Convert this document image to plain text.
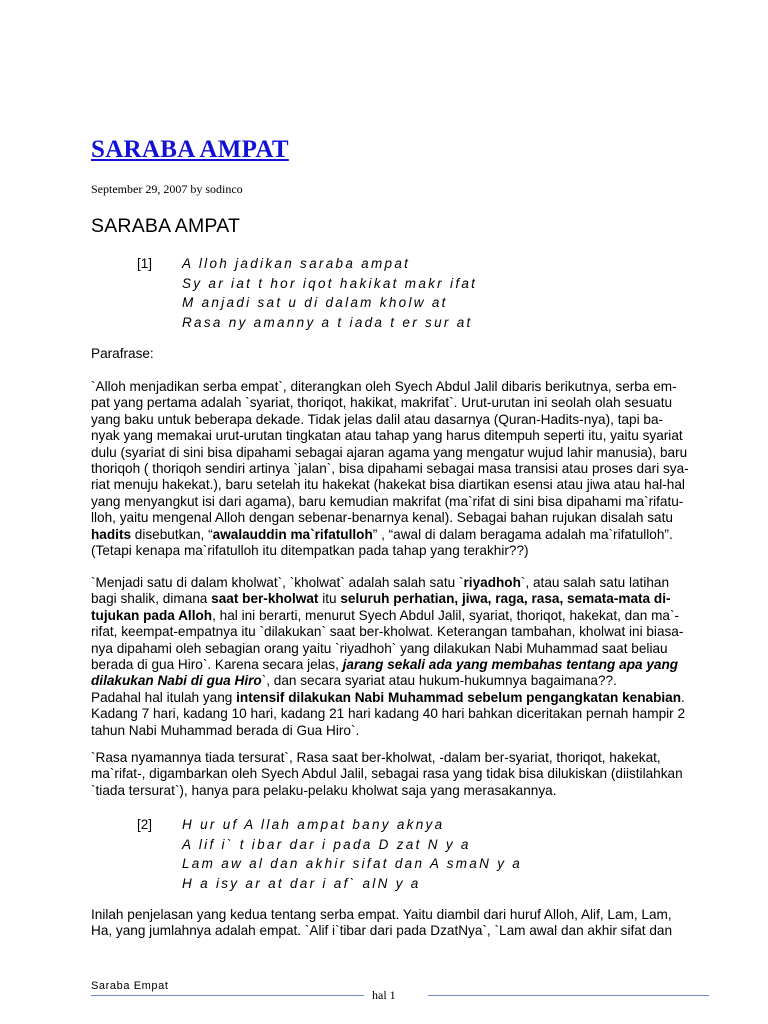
SARABA AMPAT
September 29, 2007 by sodinco
SARABA AMPAT
[1] A lloh jadikan saraba ampat
Sy ar iat t hor iqot hakikat makr ifat
M anjadi sat u di dalam kholw at
Rasa ny amanny a t iada t er sur at
Parafrase:
`Alloh menjadikan serba empat`, diterangkan oleh Syech Abdul Jalil dibaris berikutnya, serba em-
pat yang pertama adalah `syariat, thoriqot, hakikat, makrifat`. Urut-urutan ini seolah olah sesuatu
yang baku untuk beberapa dekade. Tidak jelas dalil atau dasarnya (Quran-Hadits-nya), tapi ba-
nyak yang memakai urut-urutan tingkatan atau tahap yang harus ditempuh seperti itu, yaitu syariat
dulu (syariat di sini bisa dipahami sebagai ajaran agama yang mengatur wujud lahir manusia), baru
thoriqoh ( thoriqoh sendiri artinya `jalan`, bisa dipahami sebagai masa transisi atau proses dari sya-
riat menuju hakekat.), baru setelah itu hakekat (hakekat bisa diartikan esensi atau jiwa atau hal-hal
yang menyangkut isi dari agama), baru kemudian makrifat (ma`rifat di sini bisa dipahami ma`rifatu-
lloh, yaitu mengenal Alloh dengan sebenar-benarnya kenal). Sebagai bahan rujukan disalah satu
hadits disebutkan, “awalauddin ma`rifatulloh” , “awal di dalam beragama adalah ma`rifatulloh”.
(Tetapi kenapa ma`rifatulloh itu ditempatkan pada tahap yang terakhir??)
`Menjadi satu di dalam kholwat`, `kholwat` adalah salah satu `riyadhoh`, atau salah satu latihan
bagi shalik, dimana saat ber-kholwat itu seluruh perhatian, jiwa, raga, rasa, semata-mata di-
tujukan pada Alloh, hal ini berarti, menurut Syech Abdul Jalil, syariat, thoriqot, hakekat, dan ma`-
rifat, keempat-empatnya itu `dilakukan` saat ber-kholwat. Keterangan tambahan, kholwat ini biasa-
nya dipahami oleh sebagian orang yaitu `riyadhoh` yang dilakukan Nabi Muhammad saat beliau
berada di gua Hiro`. Karena secara jelas, jarang sekali ada yang membahas tentang apa yang
dilakukan Nabi di gua Hiro`, dan secara syariat atau hukum-hukumnya bagaimana??.
Padahal hal itulah yang intensif dilakukan Nabi Muhammad sebelum pengangkatan kenabian.
Kadang 7 hari, kadang 10 hari, kadang 21 hari kadang 40 hari bahkan diceritakan pernah hampir 2
tahun Nabi Muhammad berada di Gua Hiro`.
`Rasa nyamannya tiada tersurat`, Rasa saat ber-kholwat, -dalam ber-syariat, thoriqot, hakekat,
ma`rifat-, digambarkan oleh Syech Abdul Jalil, sebagai rasa yang tidak bisa dilukiskan (diistilahkan
`tiada tersurat`), hanya para pelaku-pelaku kholwat saja yang merasakannya.
[2] H ur uf A llah ampat bany aknya
A lif i` t ibar dar i pada D zat N y a
Lam aw al dan akhir sifat dan A smaN y a
H a isy ar at dar i af` alN y a
Inilah penjelasan yang kedua tentang serba empat. Yaitu diambil dari huruf Alloh, Alif, Lam, Lam,
Ha, yang jumlahnya adalah empat. `Alif i`tibar dari pada DzatNya`, `Lam awal dan akhir sifat dan
Saraba Empat
hal 1
